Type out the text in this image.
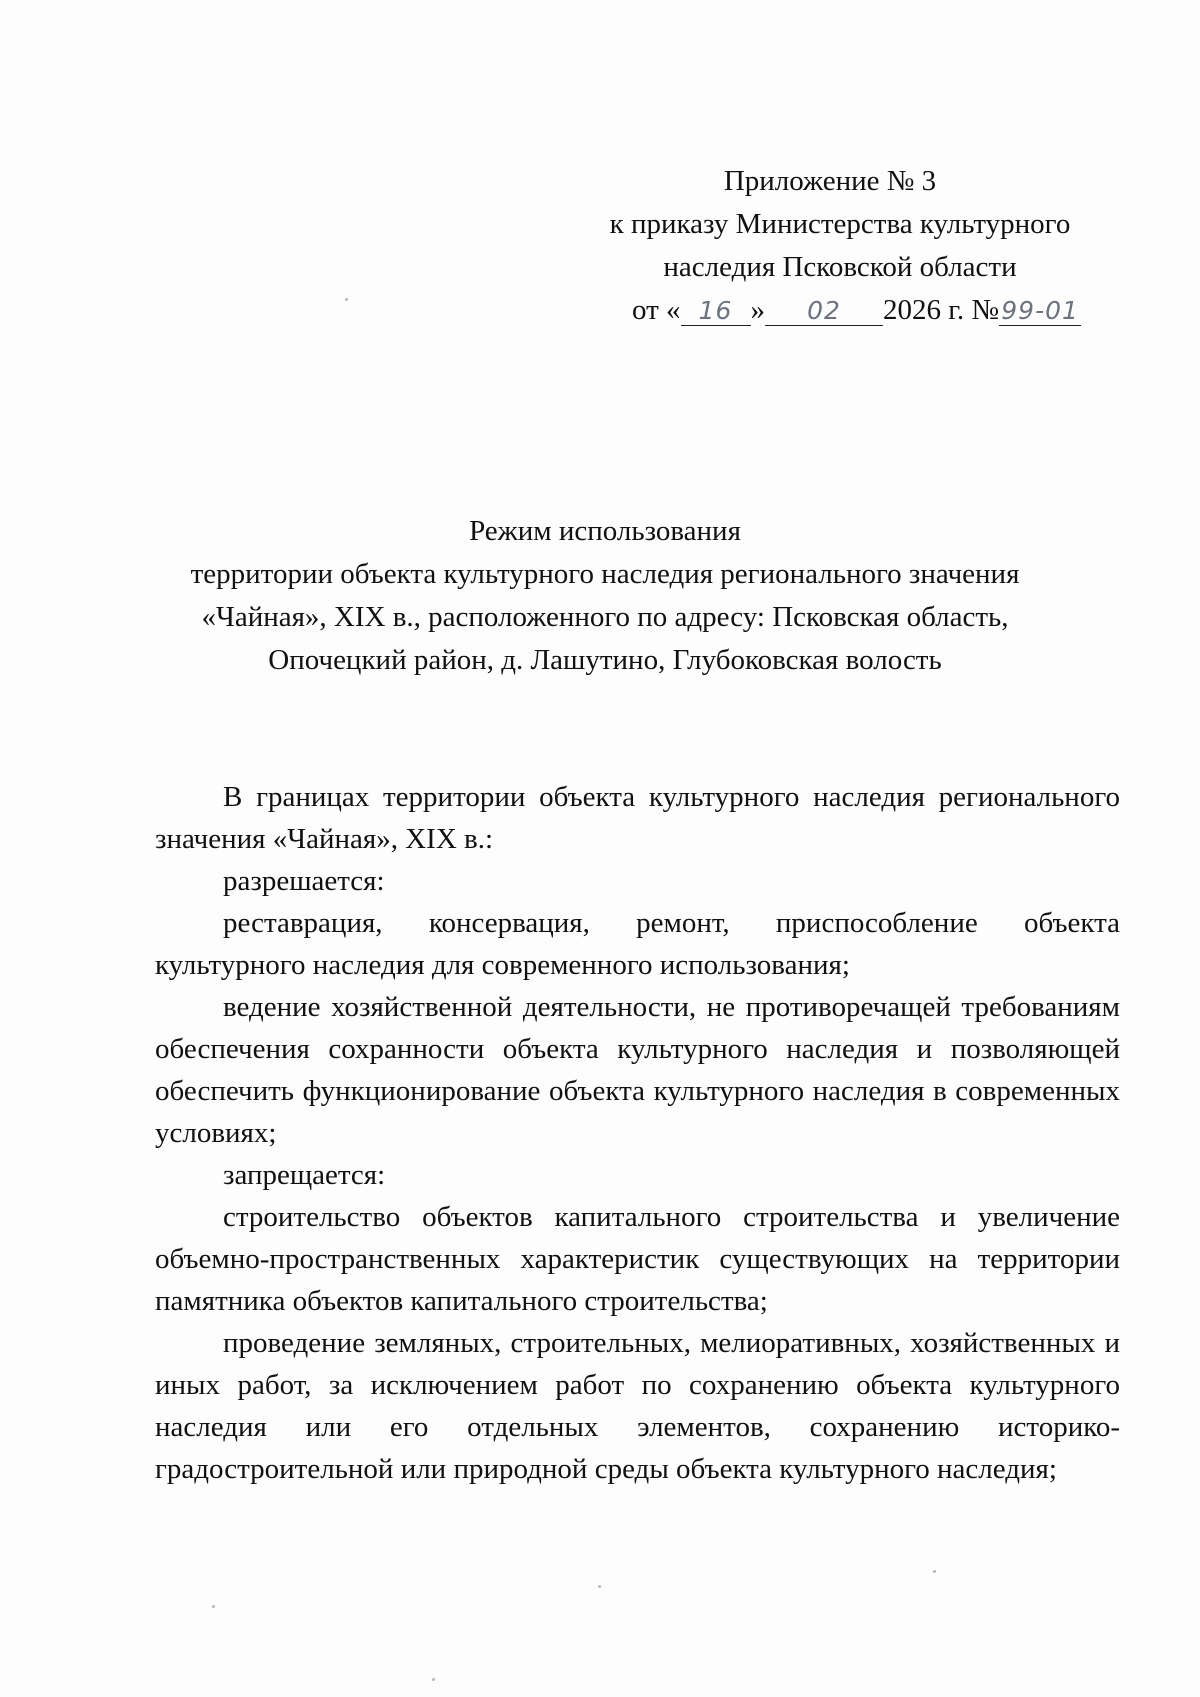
Приложение № 3
к приказу Министерства культурного
наследия Псковской области
от « 16 » 02 2026 г. №99-01
Режим использования
территории объекта культурного наследия регионального значения
«Чайная», XIX в., расположенного по адресу: Псковская область,
Опочецкий район, д. Лашутино, Глубоковская волость

В границах территории объекта культурного наследия регионального значения «Чайная», XIX в.:

разрешается:

реставрация, консервация, ремонт, приспособление объекта культурного наследия для современного использования;

ведение хозяйственной деятельности, не противоречащей требованиям обеспечения сохранности объекта культурного наследия и позволяющей обеспечить функционирование объекта культурного наследия в современных условиях;

запрещается:

строительство объектов капитального строительства и увеличение объемно-пространственных характеристик существующих на территории памятника объектов капитального строительства;

проведение земляных, строительных, мелиоративных, хозяйственных и иных работ, за исключением работ по сохранению объекта культурного наследия или его отдельных элементов, сохранению историко-градостроительной или природной среды объекта культурного наследия;
